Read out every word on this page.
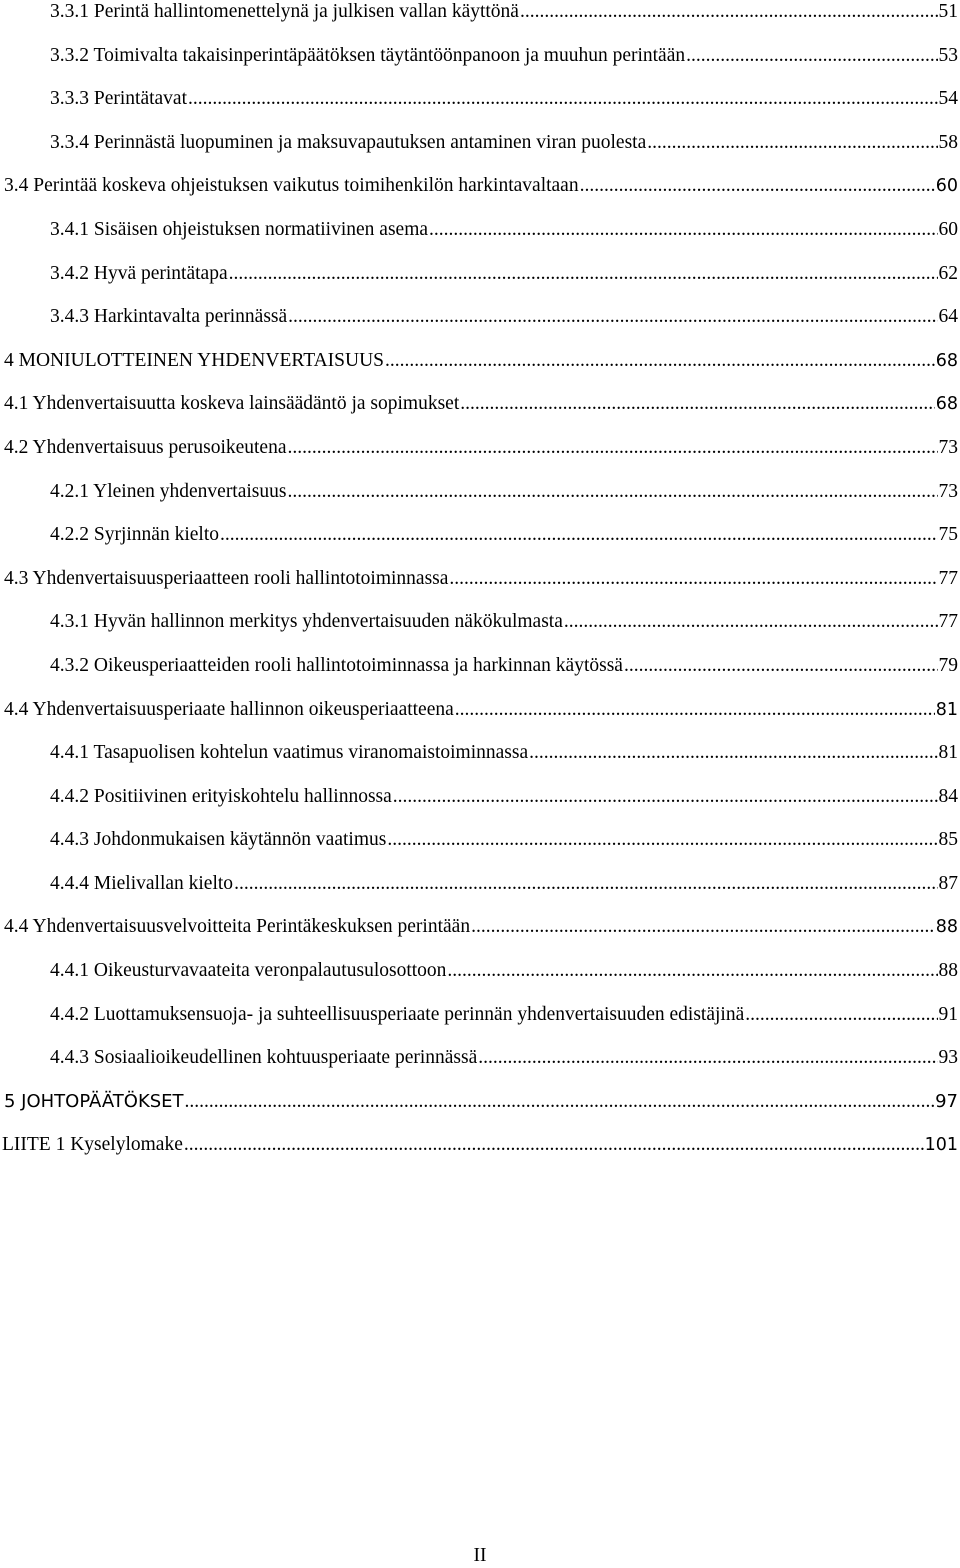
3.3.1 Perintä hallintomenettelynä ja julkisen vallan käyttönä .....	51
3.3.2 Toimivalta takaisinperintäpäätöksen täytäntöönpanoon ja muuhun perintään .....	53
3.3.3 Perintätavat .....	54
3.3.4 Perinnästä luopuminen ja maksuvapautuksen antaminen viran puolesta .....	58
3.4 Perintää koskeva ohjeistuksen vaikutus toimihenkilön harkintavaltaan .....	60
3.4.1 Sisäisen ohjeistuksen normatiivinen asema .....	60
3.4.2 Hyvä perintätapa .....	62
3.4.3 Harkintavalta perinnässä .....	64
4 MONIULOTTEINEN YHDENVERTAISUUS .....	68
4.1 Yhdenvertaisuutta koskeva lainsäädäntö ja sopimukset .....	68
4.2 Yhdenvertaisuus perusoikeutena .....	73
4.2.1 Yleinen yhdenvertaisuus .....	73
4.2.2 Syrjinnän kielto .....	75
4.3 Yhdenvertaisuusperiaatteen rooli hallintotoiminnassa .....	77
4.3.1 Hyvän hallinnon merkitys yhdenvertaisuuden näkökulmasta .....	77
4.3.2 Oikeusperiaatteiden rooli hallintotoiminnassa ja harkinnan käytössä .....	79
4.4 Yhdenvertaisuusperiaate hallinnon oikeusperiaatteena .....	81
4.4.1 Tasapuolisen kohtelun vaatimus viranomaistoiminnassa .....	81
4.4.2 Positiivinen erityiskohtelu hallinnossa .....	84
4.4.3 Johdonmukaisen käytännön vaatimus .....	85
4.4.4 Mielivallan kielto .....	87
4.4 Yhdenvertaisuusvelvoitteita Perintäkeskuksen perintään .....	88
4.4.1 Oikeusturvavaateita veronpalautusulosottoon .....	88
4.4.2 Luottamuksensuoja- ja suhteellisuusperiaate perinnän yhdenvertaisuuden edistäjinä .....	91
4.4.3 Sosiaalioikeudellinen kohtuusperiaate perinnässä .....	93
5 JOHTOPÄÄTÖKSET .....	97
LIITE 1 Kyselylomake .....	101
II
